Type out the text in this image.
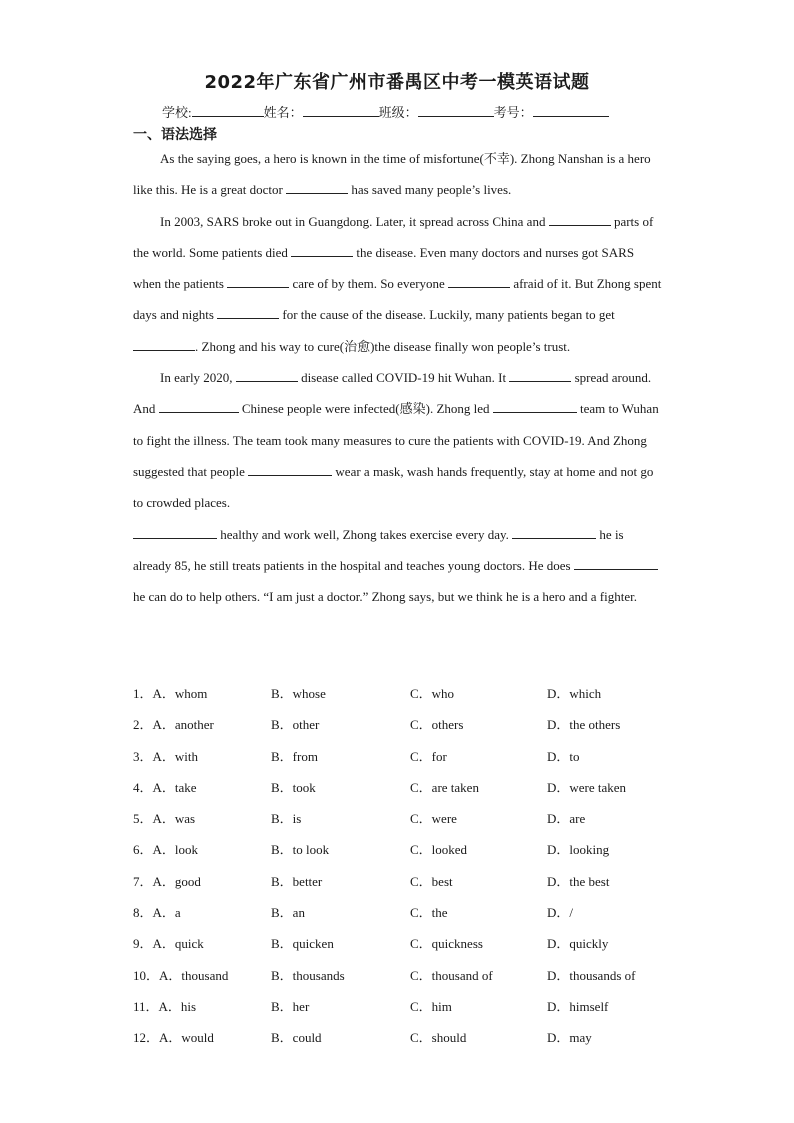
2022年广东省广州市番禺区中考一模英语试题
学校:	姓名：	班级：	考号：
一、语法选择

As the saying goes, a hero is known in the time of misfortune(不幸). Zhong Nanshan is a hero like this. He is a great doctor	has saved many people’s lives.

In 2003, SARS broke out in Guangdong. Later, it spread across China and	parts of the world. Some patients died	the disease. Even many doctors and nurses got SARS when the patients	care of by them. So everyone	afraid of it. But Zhong spent days and nights	for the cause of the disease. Luckily, many patients began to get . Zhong and his way to cure(治愈)the disease finally won people’s trust.

In early 2020,	disease called COVID-19 hit Wuhan. It	spread around. And	Chinese people were infected(感染). Zhong led	team to Wuhan to fight the illness. The team took many measures to cure the patients with COVID-19. And Zhong suggested that people	wear a mask, wash hands frequently, stay at home and not go to crowded places.

healthy and work well, Zhong takes exercise every day.	he is already 85, he still treats patients in the hospital and teaches young doctors. He does  he can do to help others. “I am just a doctor.” Zhong says, but we think he is a hero and a fighter.

1．A．whom	B．whose	C．who	D．which
2．A．another	B．other	C．others	D．the others
3．A．with	B．from	C．for	D．to
4．A．take	B．took	C．are taken	D．were taken
5．A．was	B．is	C．were	D．are
6．A．look	B．to look	C．looked	D．looking
7．A．good	B．better	C．best	D．the best
8．A．a	B．an	C．the	D．/
9．A．quick	B．quicken	C．quickness	D．quickly
10．A．thousand	B．thousands	C．thousand of	D．thousands of
11．A．his	B．her	C．him	D．himself
12．A．would	B．could	C．should	D．may
